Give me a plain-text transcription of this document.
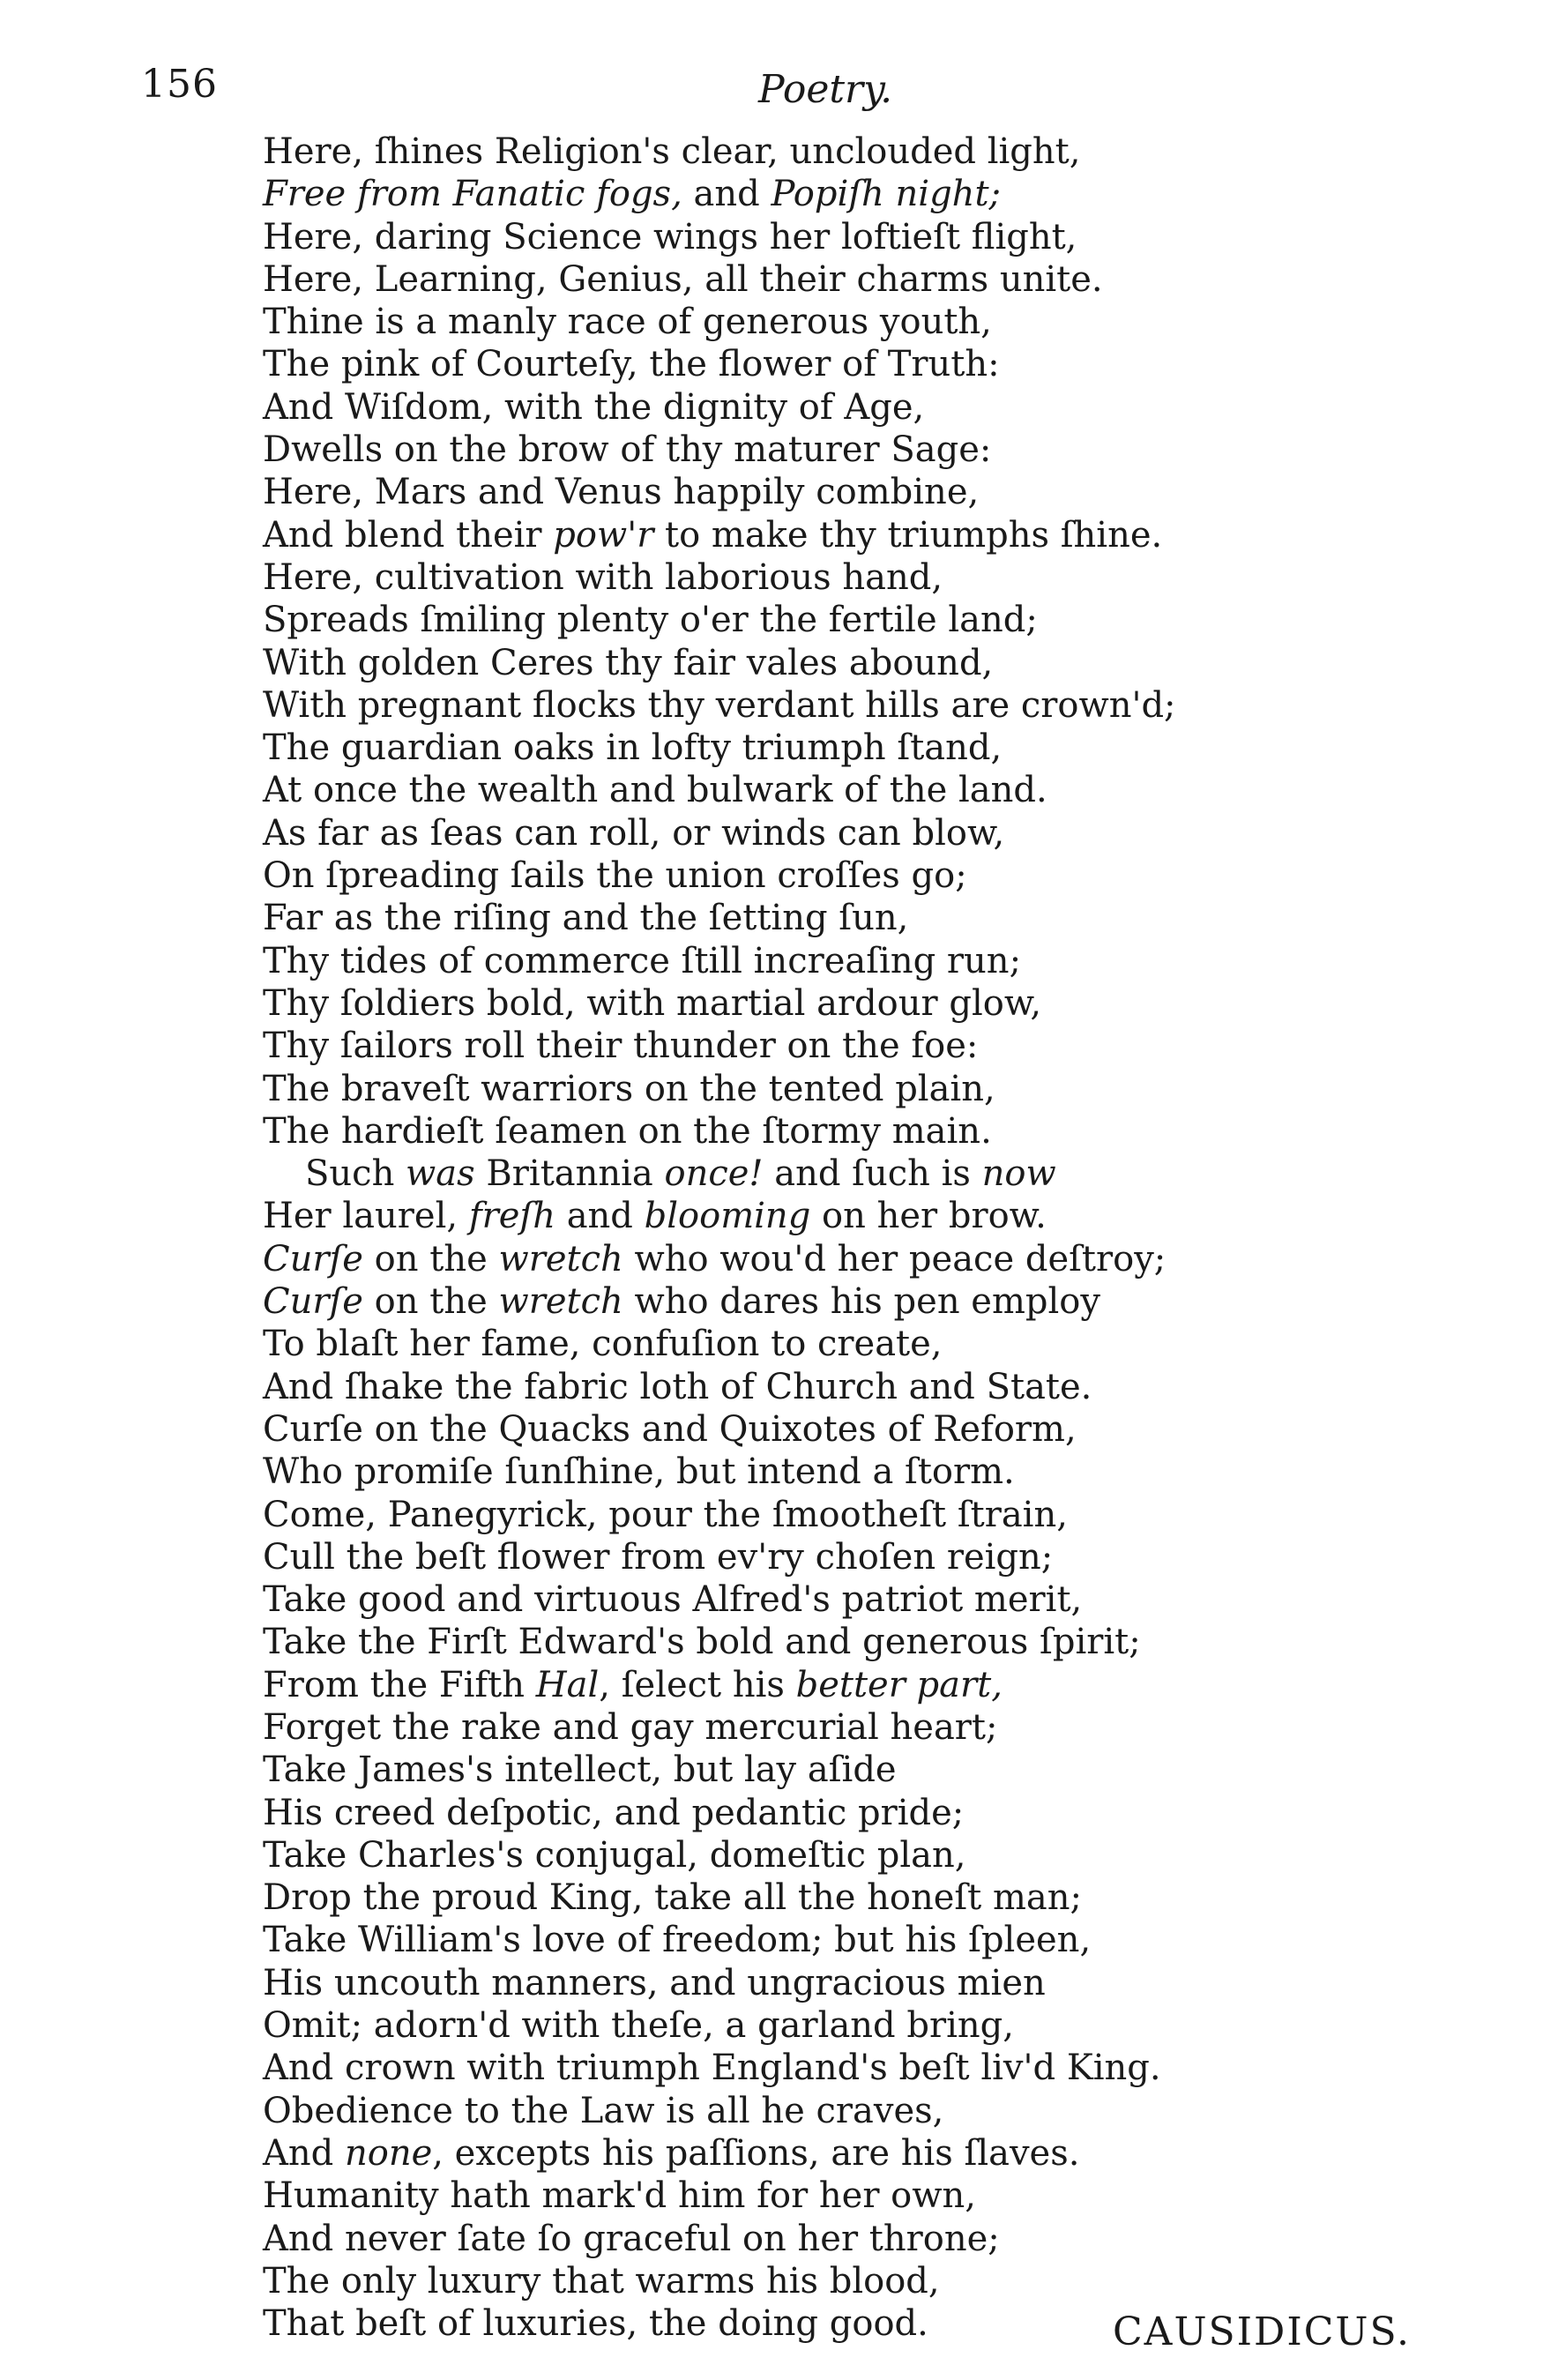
156	Poetry.
Here, ſhines Religion's clear, unclouded light,
Free from Fanatic fogs, and Popiſh night;
Here, daring Science wings her loftieſt flight,
Here, Learning, Genius, all their charms unite.
Thine is a manly race of generous youth,
The pink of Courteſy, the flower of Truth:
And Wiſdom, with the dignity of Age,
Dwells on the brow of thy maturer Sage:
Here, Mars and Venus happily combine,
And blend their pow'r to make thy triumphs ſhine.
Here, cultivation with laborious hand,
Spreads ſmiling plenty o'er the fertile land;
With golden Ceres thy fair vales abound,
With pregnant flocks thy verdant hills are crown'd;
The guardian oaks in lofty triumph ſtand,
At once the wealth and bulwark of the land.
As far as ſeas can roll, or winds can blow,
On ſpreading ſails the union croſſes go;
Far as the riſing and the ſetting ſun,
Thy tides of commerce ſtill increaſing run;
Thy ſoldiers bold, with martial ardour glow,
Thy ſailors roll their thunder on the foe:
The braveſt warriors on the tented plain,
The hardieſt ſeamen on the ſtormy main.
Such was Britannia once! and ſuch is now
Her laurel, freſh and blooming on her brow.
Curſe on the wretch who wou'd her peace deſtroy;
Curſe on the wretch who dares his pen employ
To blaſt her fame, confuſion to create,
And ſhake the fabric loth of Church and State.
Curſe on the Quacks and Quixotes of Reform,
Who promiſe ſunſhine, but intend a ſtorm.
Come, Panegyrick, pour the ſmootheſt ſtrain,
Cull the beſt flower from ev'ry choſen reign;
Take good and virtuous Alfred's patriot merit,
Take the Firſt Edward's bold and generous ſpirit;
From the Fifth Hal, ſelect his better part,
Forget the rake and gay mercurial heart;
Take James's intellect, but lay aſide
His creed deſpotic, and pedantic pride;
Take Charles's conjugal, domeſtic plan,
Drop the proud King, take all the honeſt man;
Take William's love of freedom; but his ſpleen,
His uncouth manners, and ungracious mien
Omit; adorn'd with theſe, a garland bring,
And crown with triumph England's beſt liv'd King.
Obedience to the Law is all he craves,
And none, excepts his paſſions, are his ſlaves.
Humanity hath mark'd him for her own,
And never ſate ſo graceful on her throne;
The only luxury that warms his blood,
That beſt of luxuries, the doing good.	CAUSIDICUS.
